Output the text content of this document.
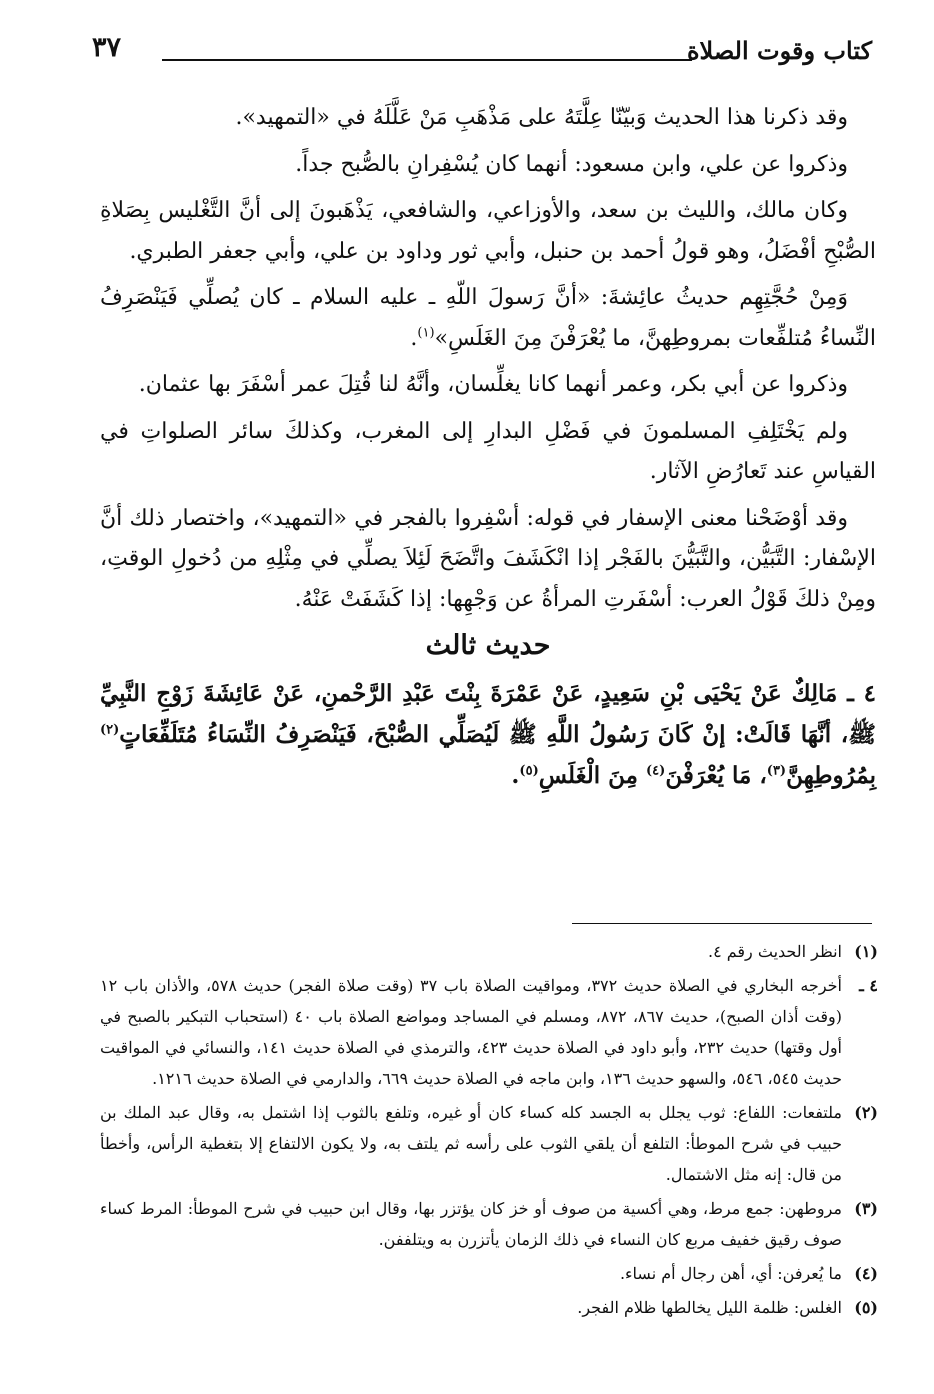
كتاب وقوت الصلاة
٣٧

وقد ذكرنا هذا الحديث وَبيّنّا عِلَّتَهُ على مَذْهَبِ مَنْ عَلَّلَهُ في «التمهيد».

وذكروا عن علي، وابن مسعود: أنهما كان يُسْفِرانِ بالصُّبح جداً.

وكان مالك، والليث بن سعد، والأوزاعي، والشافعي، يَذْهَبونَ إلى أنَّ التَّغْليس بِصَلاةِ الصُّبْحِ أفْضَلُ، وهو قولُ أحمد بن حنبل، وأبي ثور وداود بن علي، وأبي جعفر الطبري.

وَمِنْ حُجَّتِهِم حديثُ عائِشةَ: «أنَّ رَسولَ اللّهِ ـ عليه السلام ـ كان يُصلِّي فَيَنْصَرِفُ النِّساءُ مُتلفِّعات بمروطِهنَّ، ما يُعْرَفْنَ مِنَ الغَلَسِ»$^{(١)}$.

وذكروا عن أبي بكر، وعمر أنهما كانا يغلِّسان، وأنَّهُ لنا قُتِلَ عمر أسْفَرَ بها عثمان.

ولم يَخْتَلِفِ المسلمونَ في فَضْلِ البدارِ إلى المغرب، وكذلكَ سائر الصلواتِ في القياسِ عند تَعارُضِ الآثار.

وقد أوْضَحْنا معنى الإسفار في قوله: أسْفِروا بالفجر في «التمهيد»، واختصار ذلك أنَّ الإسْفار: التَّبَيُّن، والتَّبَيُّنَ بالفَجْر إذا انْكَشَفَ واتَّضَحَ لَئِلاَ يصلِّي في مِثْلِهِ من دُخولِ الوقتِ، ومِنْ ذلكَ قَوْلُ العرب: أسْفَرتِ المرأةُ عن وَجْهِها: إذا كَشَفَتْ عَنْهُ.

حديث ثالث

٤ ـ مَالِكٌ عَنْ يَحْيَى بْنِ سَعِيدٍ، عَنْ عَمْرَةَ بِنْتَ عَبْدِ الرَّحْمنِ، عَنْ عَائِشَةَ زَوْجِ النَّبِيِّ ﷺ، أنَّهَا قَالَتْ: إنْ كَانَ رَسُولُ اللَّهِ ﷺ لَيُصَلِّي الصُّبْحَ، فَيَنْصَرِفُ النِّسَاءُ مُتَلَفِّعَاتٍ$^{(٢)}$ بِمُرُوطِهِنَّ$^{(٣)}$، مَا يُعْرَفْنَ$^{(٤)}$ مِنَ الْغَلَسِ$^{(٥)}$.

(١)
انظر الحديث رقم ٤.

٤ ـ
أخرجه البخاري في الصلاة حديث ٣٧٢، ومواقيت الصلاة باب ٣٧ (وقت صلاة الفجر) حديث ٥٧٨، والأذان باب ١٢ (وقت أذان الصبح)، حديث ٨٦٧، ٨٧٢، ومسلم في المساجد ومواضع الصلاة باب ٤٠ (استحباب التبكير بالصبح في أول وقتها) حديث ٢٣٢، وأبو داود في الصلاة حديث ٤٢٣، والترمذي في الصلاة حديث ١٤١، والنسائي في المواقيت حديث ٥٤٥، ٥٤٦، والسهو حديث ١٣٦، وابن ماجه في الصلاة حديث ٦٦٩، والدارمي في الصلاة حديث ١٢١٦.

(٢)
ملتفعات: اللفاع: ثوب يجلل به الجسد كله كساء كان أو غيره، وتلفع بالثوب إذا اشتمل به، وقال عبد الملك بن حبيب في شرح الموطأ: التلفع أن يلقي الثوب على رأسه ثم يلتف به، ولا يكون الالتفاع إلا بتغطية الرأس، وأخطأ من قال: إنه مثل الاشتمال.

(٣)
مروطهن: جمع مرط، وهي أكسية من صوف أو خز كان يؤتزر بها، وقال ابن حبيب في شرح الموطأ: المرط كساء صوف رقيق خفيف مربع كان النساء في ذلك الزمان يأتزرن به ويتلففن.

(٤)
ما يُعرفن: أي، أهن رجال أم نساء.

(٥)
الغلس: ظلمة الليل يخالطها ظلام الفجر.
